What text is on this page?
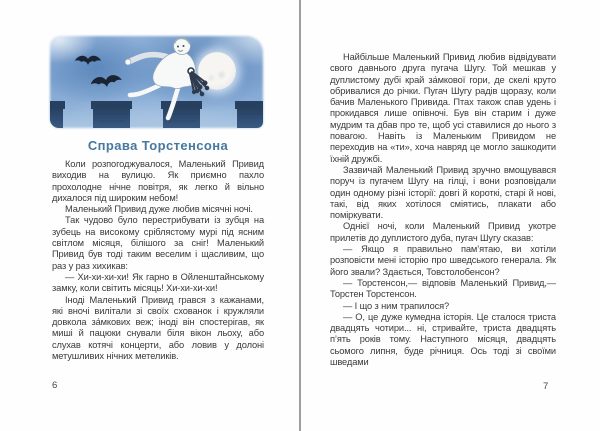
Справа Торстенсона

Коли розпогоджувалося, Маленький Привид виходив на вулицю. Як приємно пахло прохолодне нічне повітря, як легко й вільно дихалося під широким небом!

Маленький Привид дуже любив місячні ночі.

Так чудово було перестрибувати із зубця на зубець на високому сріблястому мурі під ясним світлом місяця, білішого за сніг! Маленький Привид був тоді таким веселим і щасливим, що раз у раз хихикав:

— Хи-хи-хи-хи! Як гарно в Ойленштайнському замку, коли світить місяць! Хи-хи-хи-хи!

Іноді Маленький Привид грався з кажанами, які вночі вилітали зі своїх схованок і кружляли довкола за́мкових веж; іноді він спостерігав, як миші й пацюки снували біля вікон льоху, або слухав котячі концерти, або ловив у долоні метушливих нічних метеликів.

6

Найбільше Маленький Привид любив відвідувати свого давнього друга пугача Шугу. Той мешкав у дуплистому дубі край за́мкової гори, де скелі круто обривалися до річки. Пугач Шугу радів щоразу, коли бачив Маленького Привида. Птах також спав удень і прокидався лише опівночі. Був він старим і дуже мудрим та дбав про те, щоб усі ставилися до нього з повагою. Навіть із Маленьким Привидом не переходив на «ти», хоча навряд це могло зашкодити їхній дружбі.

Зазвичай Маленький Привид зручно вмощувався поруч із пугачем Шугу на гілці, і вони розповідали один одному різні історії: довгі й короткі, старі й нові, такі, від яких хотілося сміятись, плакати або поміркувати.

Однієї ночі, коли Маленький Привид укотре прилетів до дуплистого дуба, пугач Шугу сказав:

— Якщо я правильно пам’ятаю, ви хотіли розповісти мені історію про шведського генерала. Як його звали? Здається, Товстолобенсон?

— Торстенсон,— відповів Маленький Привид,— Торстен Торстенсон.

— І що з ним трапилося?

— О, це дуже кумедна історія. Це сталося триста двадцять чотири... ні, стривайте, триста двадцять п’ять років тому. Наступного місяця, двадцять сьомого липня, буде річниця. Ось тоді зі своїми шведами

7
